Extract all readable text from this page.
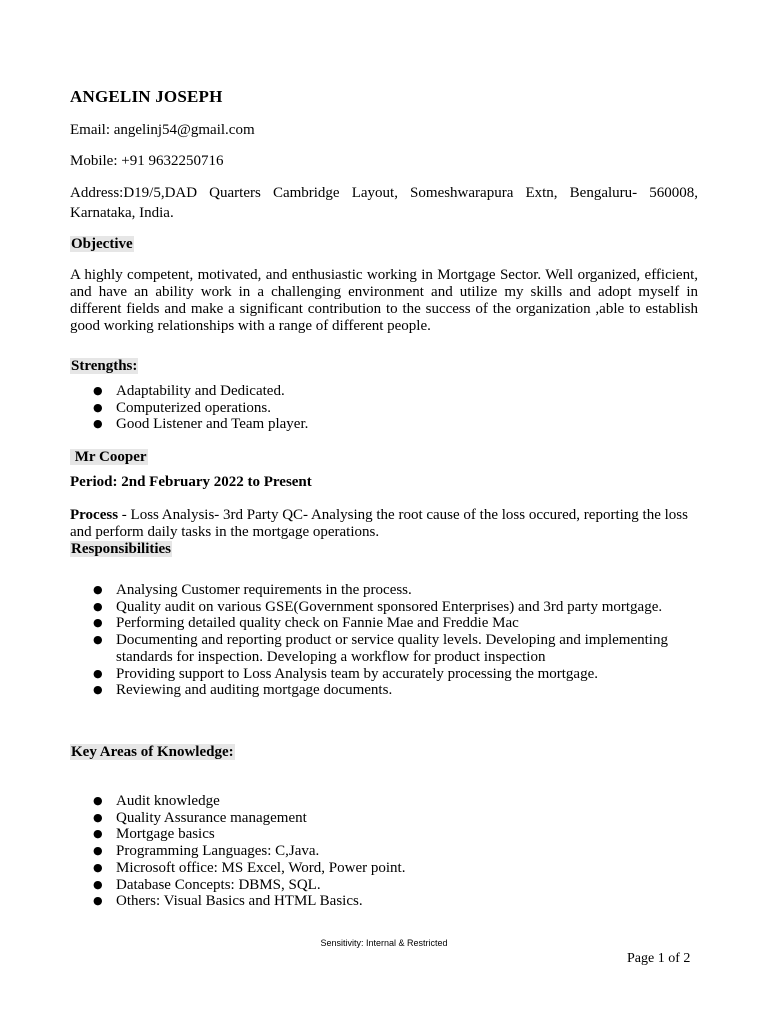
ANGELIN JOSEPH
Email: angelinj54@gmail.com
Mobile: +91 9632250716
Address:D19/5,DAD Quarters Cambridge Layout, Someshwarapura Extn, Bengaluru- 560008,
Karnataka, India.
Objective
A highly competent, motivated, and enthusiastic working in Mortgage Sector. Well organized, efficient, and have an ability work in a challenging environment and utilize my skills and adopt myself in different fields and make a significant contribution to the success of the organization ,able to establish good working relationships with a range of different people.
Strengths:
● Adaptability and Dedicated.
● Computerized operations.
● Good Listener and Team player.
Mr Cooper
Period: 2nd February 2022 to Present
Process - Loss Analysis- 3rd Party QC- Analysing the root cause of the loss occured, reporting the loss and perform daily tasks in the mortgage operations.
Responsibilities
● Analysing Customer requirements in the process.
● Quality audit on various GSE(Government sponsored Enterprises) and 3rd party mortgage.
● Performing detailed quality check on Fannie Mae and Freddie Mac
● Documenting and reporting product or service quality levels. Developing and implementing standards for inspection. Developing a workflow for product inspection
● Providing support to Loss Analysis team by accurately processing the mortgage.
● Reviewing and auditing mortgage documents.
Key Areas of Knowledge:
● Audit knowledge
● Quality Assurance management
● Mortgage basics
● Programming Languages: C,Java.
● Microsoft office: MS Excel, Word, Power point.
● Database Concepts: DBMS, SQL.
● Others: Visual Basics and HTML Basics.
Sensitivity: Internal & Restricted
Page 1 of 2
